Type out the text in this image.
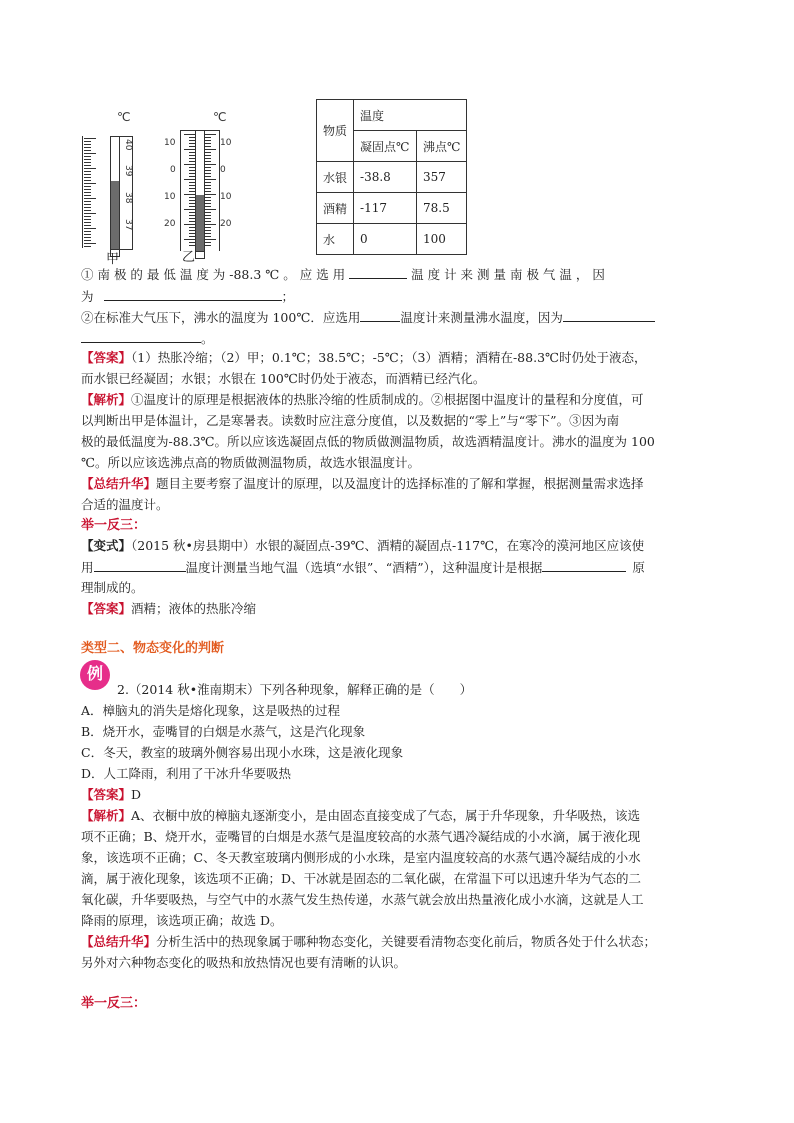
℃
40
39
38
37
甲
℃
10
0
10
20
10
0
10
20
乙
物质	温度	
	凝固点℃	沸点℃
水银	-38.8	357
酒精	-117	78.5
水	0	100
① 南 极 的 最 低 温 度 为 -88.3 ℃ 。 应 选 用	温 度 计 来 测 量 南 极 气 温 ， 因
为	；
②在标准大气压下，沸水的温度为 100℃．应选用	温度计来测量沸水温度，因为
。
【答案】（1）热胀冷缩；（2）甲；0.1℃；38.5℃；-5℃；（3）酒精；酒精在-88.3℃时仍处于液态，
而水银已经凝固；水银；水银在 100℃时仍处于液态，而酒精已经汽化。
【解析】①温度计的原理是根据液体的热胀冷缩的性质制成的。②根据图中温度计的量程和分度值，可
以判断出甲是体温计，乙是寒暑表。读数时应注意分度值，以及数据的“零上”与“零下”。③因为南
极的最低温度为-88.3℃。所以应该选凝固点低的物质做测温物质，故选酒精温度计。沸水的温度为 100
℃。所以应该选沸点高的物质做测温物质，故选水银温度计。
【总结升华】题目主要考察了温度计的原理，以及温度计的选择标准的了解和掌握，根据测量需求选择
合适的温度计。
举一反三：
【变式】（2015 秋•房县期中）水银的凝固点-39℃、酒精的凝固点-117℃，在寒冷的漠河地区应该使
用	温度计测量当地气温（选填“水银”、“酒精”），这种温度计是根据	原
理制成的。
【答案】酒精；液体的热胀冷缩
类型二、物态变化的判断
例
2.（2014 秋•淮南期末）下列各种现象，解释正确的是（　　）
A．樟脑丸的消失是熔化现象，这是吸热的过程
B．烧开水，壶嘴冒的白烟是水蒸气，这是汽化现象
C．冬天，教室的玻璃外侧容易出现小水珠，这是液化现象
D．人工降雨，利用了干冰升华要吸热
【答案】D
【解析】A、衣橱中放的樟脑丸逐渐变小，是由固态直接变成了气态，属于升华现象，升华吸热，该选
项不正确；B、烧开水，壶嘴冒的白烟是水蒸气是温度较高的水蒸气遇冷凝结成的小水滴，属于液化现
象，该选项不正确；C、冬天教室玻璃内侧形成的小水珠，是室内温度较高的水蒸气遇冷凝结成的小水
滴，属于液化现象，该选项不正确；D、干冰就是固态的二氧化碳，在常温下可以迅速升华为气态的二
氧化碳，升华要吸热，与空气中的水蒸气发生热传递，水蒸气就会放出热量液化成小水滴，这就是人工
降雨的原理，该选项正确；故选 D。
【总结升华】分析生活中的热现象属于哪种物态变化，关键要看清物态变化前后，物质各处于什么状态；
另外对六种物态变化的吸热和放热情况也要有清晰的认识。
举一反三：
